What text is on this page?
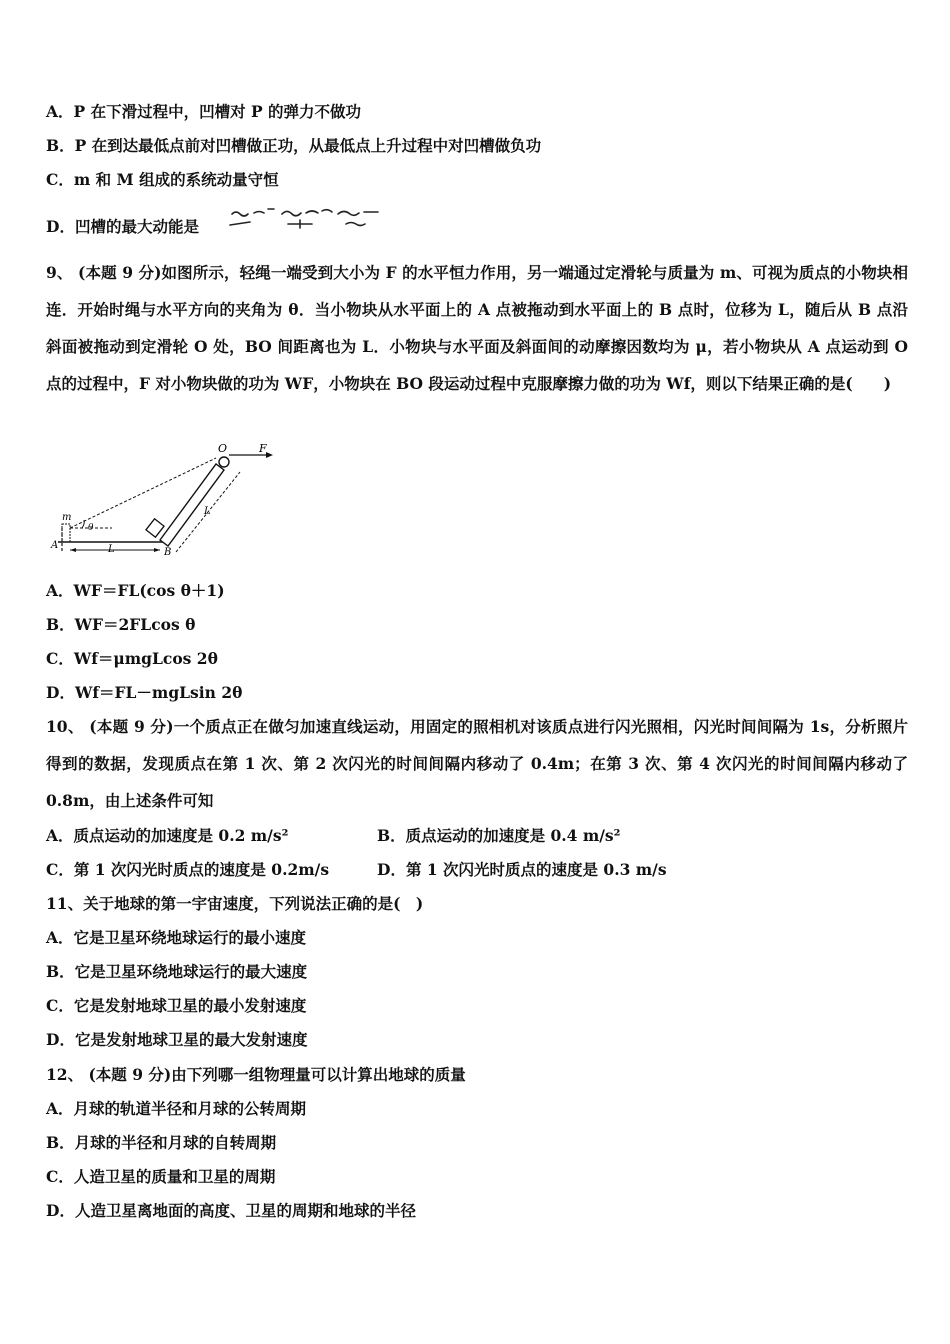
A．P 在下滑过程中，凹槽对 P 的弹力不做功
B．P 在到达最低点前对凹槽做正功，从最低点上升过程中对凹槽做负功
C．m 和 M 组成的系统动量守恒
D．凹槽的最大动能是
9、 (本题 9 分)如图所示，轻绳一端受到大小为 F 的水平恒力作用，另一端通过定滑轮与质量为 m、可视为质点的小物块相连．开始时绳与水平方向的夹角为 θ．当小物块从水平面上的 A 点被拖动到水平面上的 B 点时，位移为 L，随后从 B 点沿斜面被拖动到定滑轮 O 处，BO 间距离也为 L．小物块与水平面及斜面间的动摩擦因数均为 μ，若小物块从 A 点运动到 O 点的过程中，F 对小物块做的功为 WF，小物块在 BO 段运动过程中克服摩擦力做的功为 Wf，则以下结果正确的是(　　)
O	F
m
θ
A
B
L
L
A．WF＝FL(cos θ＋1)
B．WF＝2FLcos θ
C．Wf＝μmgLcos 2θ
D．Wf＝FL－mgLsin 2θ
10、 (本题 9 分)一个质点正在做匀加速直线运动，用固定的照相机对该质点进行闪光照相，闪光时间间隔为 1s，分析照片得到的数据，发现质点在第 1 次、第 2 次闪光的时间间隔内移动了 0.4m；在第 3 次、第 4 次闪光的时间间隔内移动了 0.8m，由上述条件可知
A．质点运动的加速度是 0.2 m/s²	B．质点运动的加速度是 0.4 m/s²
C．第 1 次闪光时质点的速度是 0.2m/s	D．第 1 次闪光时质点的速度是 0.3 m/s
11、关于地球的第一宇宙速度，下列说法正确的是(　)
A．它是卫星环绕地球运行的最小速度
B．它是卫星环绕地球运行的最大速度
C．它是发射地球卫星的最小发射速度
D．它是发射地球卫星的最大发射速度
12、 (本题 9 分)由下列哪一组物理量可以计算出地球的质量
A．月球的轨道半径和月球的公转周期
B．月球的半径和月球的自转周期
C．人造卫星的质量和卫星的周期
D．人造卫星离地面的高度、卫星的周期和地球的半径
